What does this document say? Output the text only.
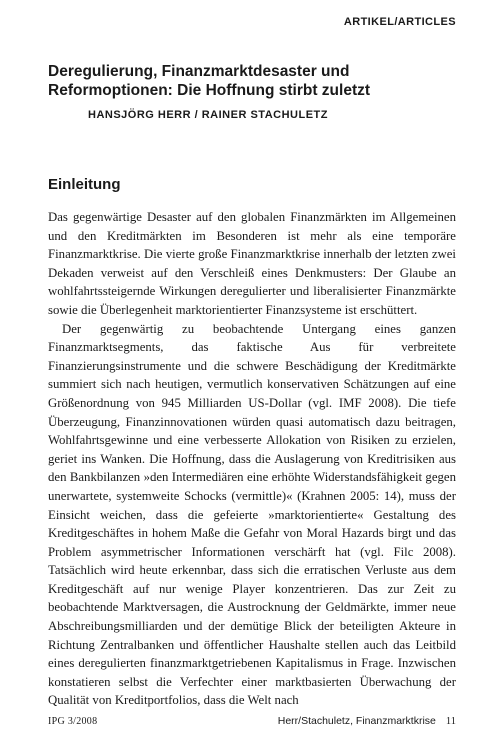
ARTIKEL/ARTICLES
Deregulierung, Finanzmarktdesaster und Reformoptionen: Die Hoffnung stirbt zuletzt
HANSJÖRG HERR / RAINER STACHULETZ
Einleitung

Das gegenwärtige Desaster auf den globalen Finanzmärkten im Allgemeinen und den Kreditmärkten im Besonderen ist mehr als eine temporäre Finanzmarktkrise. Die vierte große Finanzmarktkrise innerhalb der letzten zwei Dekaden verweist auf den Verschleiß eines Denkmusters: Der Glaube an wohlfahrtssteigernde Wirkungen deregulierter und liberalisierter Finanzmärkte sowie die Überlegenheit marktorientierter Finanzsysteme ist erschüttert.

Der gegenwärtig zu beobachtende Untergang eines ganzen Finanzmarktsegments, das faktische Aus für verbreitete Finanzierungsinstrumente und die schwere Beschädigung der Kreditmärkte summiert sich nach heutigen, vermutlich konservativen Schätzungen auf eine Größenordnung von 945 Milliarden US-Dollar (vgl. IMF 2008). Die tiefe Überzeugung, Finanzinnovationen würden quasi automatisch dazu beitragen, Wohlfahrtsgewinne und eine verbesserte Allokation von Risiken zu erzielen, geriet ins Wanken. Die Hoffnung, dass die Auslagerung von Kreditrisiken aus den Bankbilanzen »den Intermediären eine erhöhte Widerstandsfähigkeit gegen unerwartete, systemweite Schocks (vermittle)« (Krahnen 2005: 14), muss der Einsicht weichen, dass die gefeierte »marktorientierte« Gestaltung des Kreditgeschäftes in hohem Maße die Gefahr von Moral Hazards birgt und das Problem asymmetrischer Informationen verschärft hat (vgl. Filc 2008). Tatsächlich wird heute erkennbar, dass sich die erratischen Verluste aus dem Kreditgeschäft auf nur wenige Player konzentrieren. Das zur Zeit zu beobachtende Marktversagen, die Austrocknung der Geldmärkte, immer neue Abschreibungsmilliarden und der demütige Blick der beteiligten Akteure in Richtung Zentralbanken und öffentlicher Haushalte stellen auch das Leitbild eines deregulierten finanzmarktgetriebenen Kapitalismus in Frage. Inzwischen konstatieren selbst die Verfechter einer marktbasierten Überwachung der Qualität von Kreditportfolios, dass die Welt nach

IPG 3/2008	Herr/Stachuletz, Finanzmarktkrise 11
